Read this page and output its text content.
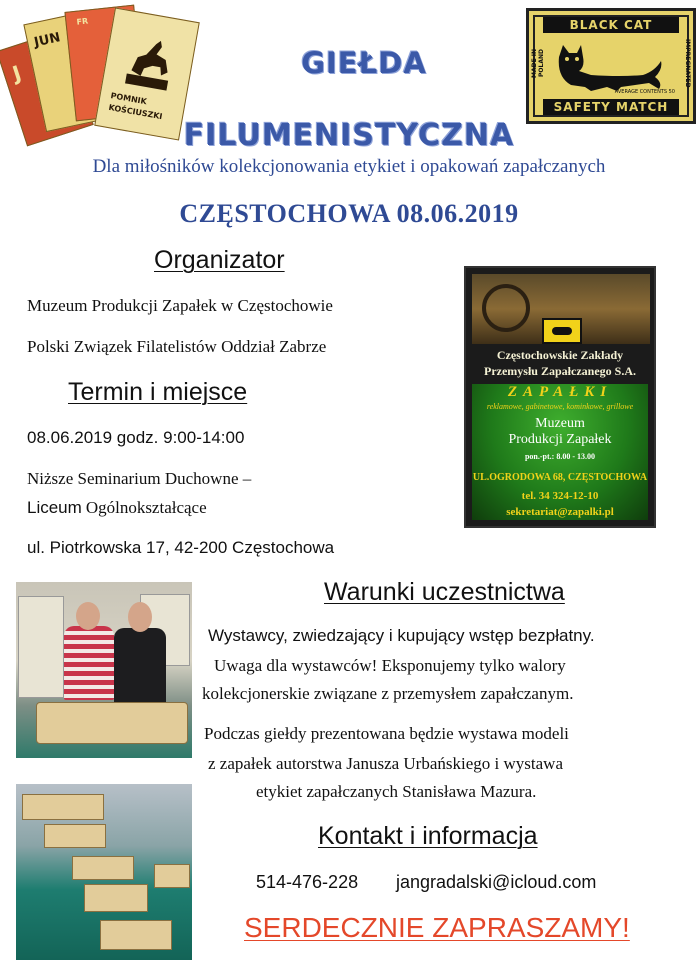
J
JUN
FR
POMNIK
KOŚCIUSZKI
BLACK CAT
SAFETY MATCH
MADE IN POLAND	IMPREGNATED
AVERAGE CONTENTS 50
GIEŁDA
FILUMENISTYCZNA
Dla miłośników kolekcjonowania etykiet i opakowań zapałczanych
CZĘSTOCHOWA 08.06.2019
Organizator
Muzeum Produkcji Zapałek w Częstochowie
Polski Związek Filatelistów Oddział Zabrze
Termin i miejsce
08.06.2019 godz. 9:00-14:00
Niższe Seminarium Duchowne –
Liceum Ogólnokształcące
ul. Piotrkowska 17, 42-200 Częstochowa
Częstochowskie Zakłady
Przemysłu Zapałczanego S.A.
ZAPAŁKI
reklamowe, gabinetowe, kominkowe, grillowe
Muzeum
Produkcji Zapałek
pon.-pt.: 8.00 - 13.00
UL.OGRODOWA 68, CZĘSTOCHOWA
tel. 34 324-12-10
sekretariat@zapalki.pl
Warunki uczestnictwa
Wystawcy, zwiedzający i kupujący wstęp bezpłatny.
Uwaga dla wystawców! Eksponujemy tylko walory
kolekcjonerskie związane z przemysłem zapałczanym.
Podczas giełdy prezentowana będzie wystawa modeli
z zapałek autorstwa Janusza Urbańskiego i wystawa
etykiet zapałczanych Stanisława Mazura.
Kontakt i informacja
514-476-228 jangradalski@icloud.com
SERDECZNIE ZAPRASZAMY!
